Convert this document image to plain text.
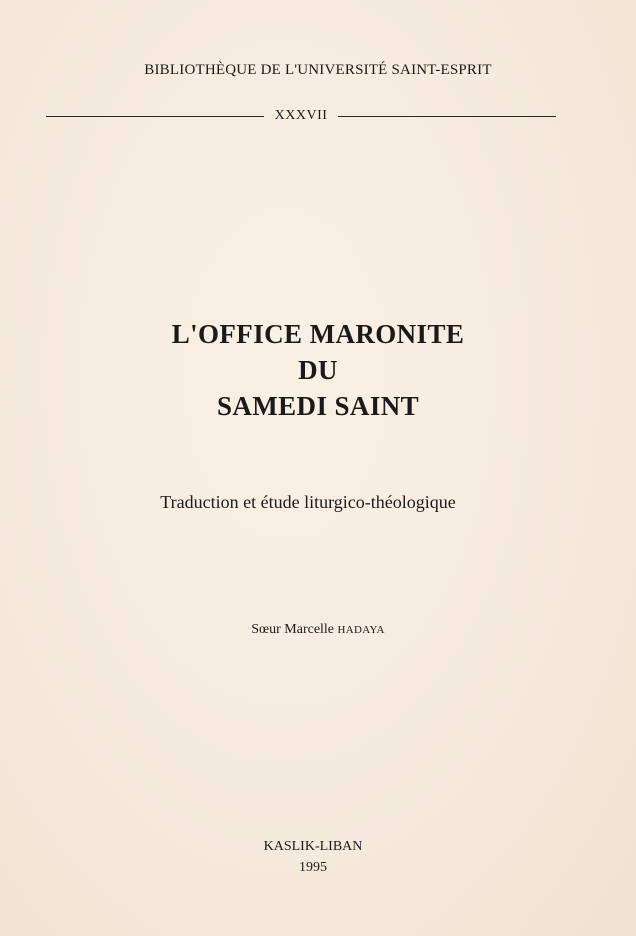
BIBLIOTHÈQUE DE L'UNIVERSITÉ SAINT-ESPRIT
XXXVII
L'OFFICE MARONITE
DU
SAMEDI SAINT
Traduction et étude liturgico-théologique
Sœur Marcelle HADAYA
KASLIK-LIBAN
1995
